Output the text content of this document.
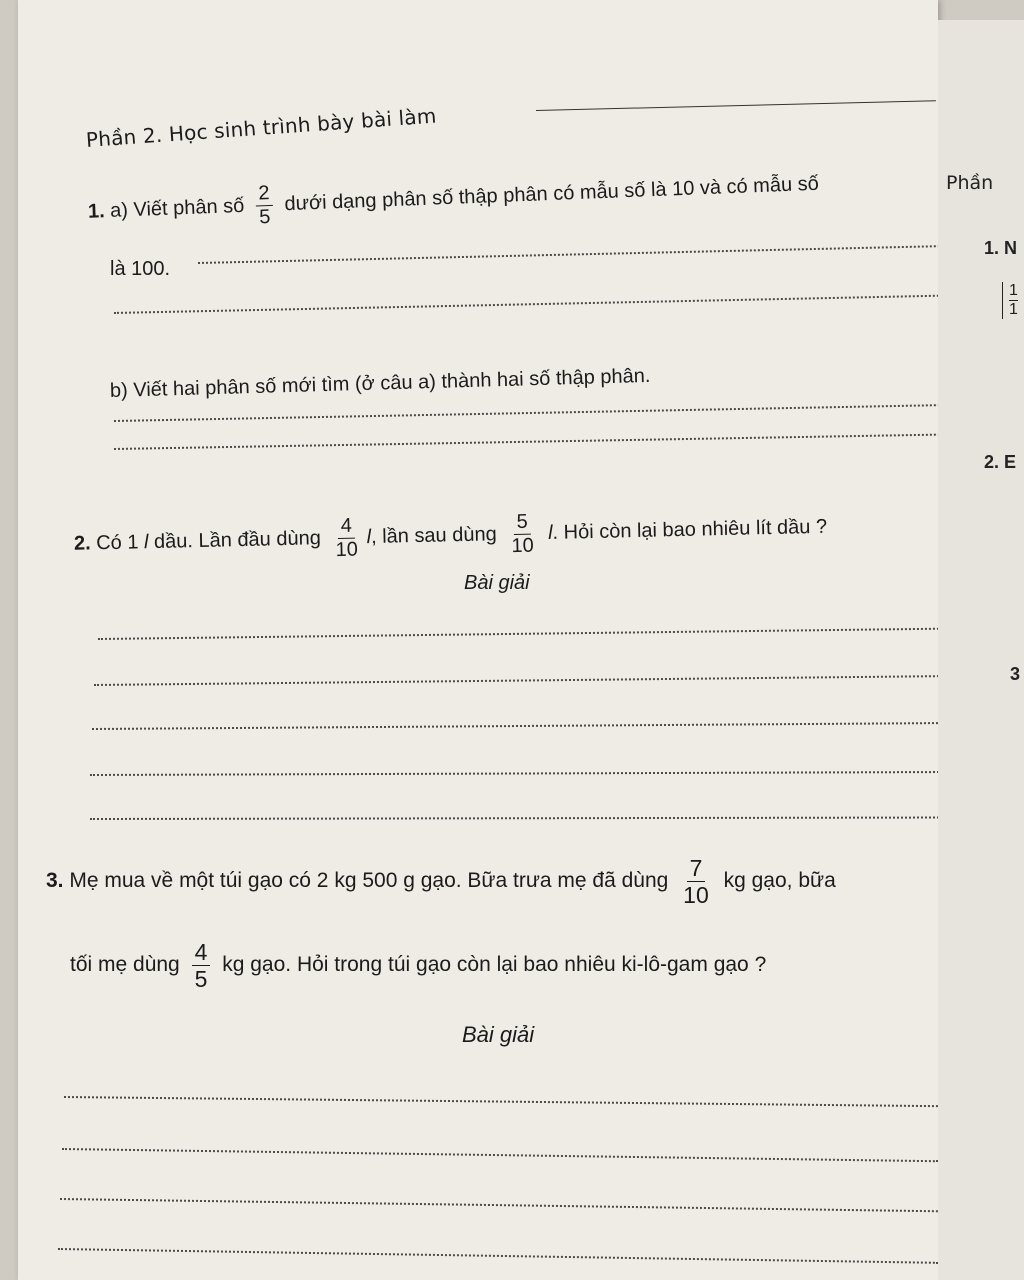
Phần 2. Học sinh trình bày bài làm
1. a) Viết phân số $\frac{2}{5}$ dưới dạng phân số thập phân có mẫu số là 10 và có mẫu số
là 100.
b) Viết hai phân số mới tìm (ở câu a) thành hai số thập phân.
2. Có 1 l dầu. Lần đầu dùng $\frac{4}{10} l$, lần sau dùng $\frac{5}{10} l$. Hỏi còn lại bao nhiêu lít dầu ?
Bài giải
3. Mẹ mua về một túi gạo có 2 kg 500 g gạo. Bữa trưa mẹ đã dùng $\frac{7}{10}$ kg gạo, bữa
tối mẹ dùng $\frac{4}{5}$ kg gạo. Hỏi trong túi gạo còn lại bao nhiêu ki-lô-gam gạo ?
Bài giải
Phần
1. N
$\frac{1}{1}$
2. E
3
